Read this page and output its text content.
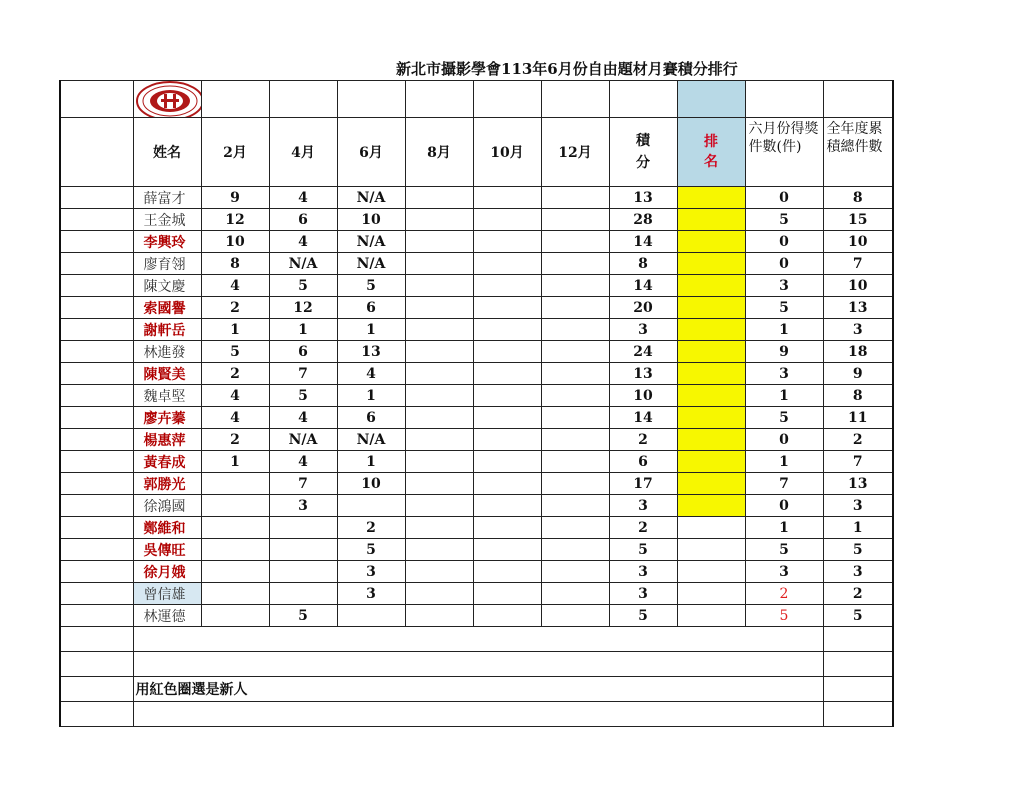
新北市攝影學會113年6月份自由題材月賽積分排行

	姓名	2月	4月	6月	8月	10月	12月	積分	排名	六月份得獎件數(件)	全年度累積總件數
	薛富才	9	4	N/A				13		0	8
	王金城	12	6	10				28		5	15
	李興玲	10	4	N/A				14		0	10
	廖育翎	8	N/A	N/A				8		0	7
	陳文慶	4	5	5				14		3	10
	索國譽	2	12	6				20		5	13
	謝軒岳	1	1	1				3		1	3
	林進發	5	6	13				24		9	18
	陳賢美	2	7	4				13		3	9
	魏卓堅	4	5	1				10		1	8
	廖卉蓁	4	4	6				14		5	11
	楊惠萍	2	N/A	N/A				2		0	2
	黃春成	1	4	1				6		1	7
	郭勝光		7	10				17		7	13
	徐鴻國		3					3		0	3
	鄭維和			2				2		1	1
	吳傳旺			5				5		5	5
	徐月娥			3				3		3	3
	曾信雄			3				3		2	2
	林運德		5					5		5	5

	用紅色圈選是新人										
